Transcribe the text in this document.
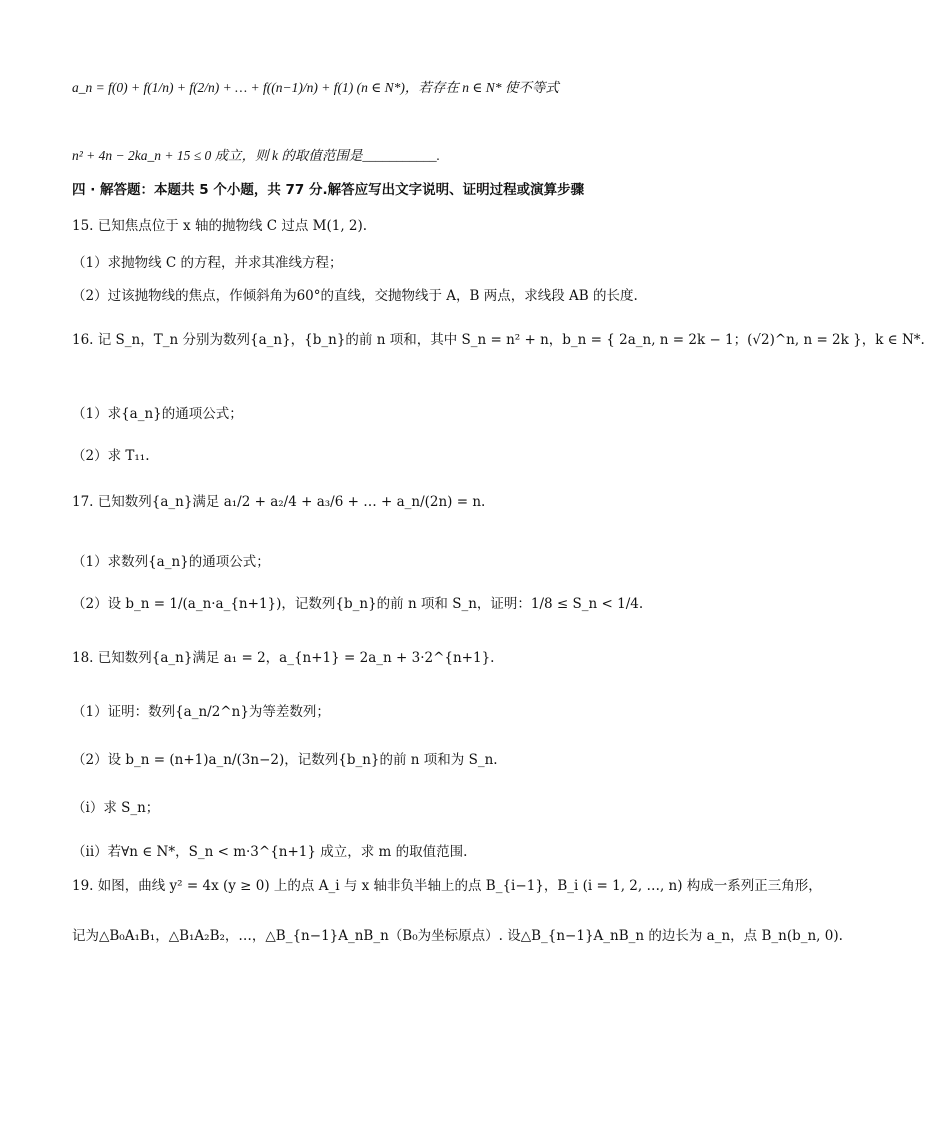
a_n = f(0) + f(1/n) + f(2/n) + … + f((n−1)/n) + f(1) (n ∈ N*)，若存在 n ∈ N* 使不等式
n² + 4n − 2ka_n + 15 ≤ 0 成立，则 k 的取值范围是___________.
四 · 解答题：本题共 5 个小题，共 77 分.解答应写出文字说明、证明过程或演算步骤
15. 已知焦点位于 x 轴的抛物线 C 过点 M(1, 2).
（1）求抛物线 C 的方程，并求其准线方程；
（2）过该抛物线的焦点，作倾斜角为60°的直线，交抛物线于 A，B 两点，求线段 AB 的长度.
16. 记 S_n，T_n 分别为数列{a_n}，{b_n}的前 n 项和，其中 S_n = n² + n，b_n = { 2a_n, n = 2k − 1；(√2)^n, n = 2k }，k ∈ N*.
（1）求{a_n}的通项公式；
（2）求 T₁₁.
17. 已知数列{a_n}满足 a₁/2 + a₂/4 + a₃/6 + … + a_n/(2n) = n.
（1）求数列{a_n}的通项公式；
（2）设 b_n = 1/(a_n·a_{n+1})，记数列{b_n}的前 n 项和 S_n，证明：1/8 ≤ S_n < 1/4.
18. 已知数列{a_n}满足 a₁ = 2，a_{n+1} = 2a_n + 3·2^{n+1}.
（1）证明：数列{a_n/2^n}为等差数列；
（2）设 b_n = (n+1)a_n/(3n−2)，记数列{b_n}的前 n 项和为 S_n.
（i）求 S_n；
（ii）若∀n ∈ N*，S_n < m·3^{n+1} 成立，求 m 的取值范围.
19. 如图，曲线 y² = 4x (y ≥ 0) 上的点 A_i 与 x 轴非负半轴上的点 B_{i−1}，B_i (i = 1, 2, …, n) 构成一系列正三角形，
记为△B₀A₁B₁，△B₁A₂B₂，…，△B_{n−1}A_nB_n（B₀为坐标原点）. 设△B_{n−1}A_nB_n 的边长为 a_n，点 B_n(b_n, 0).
